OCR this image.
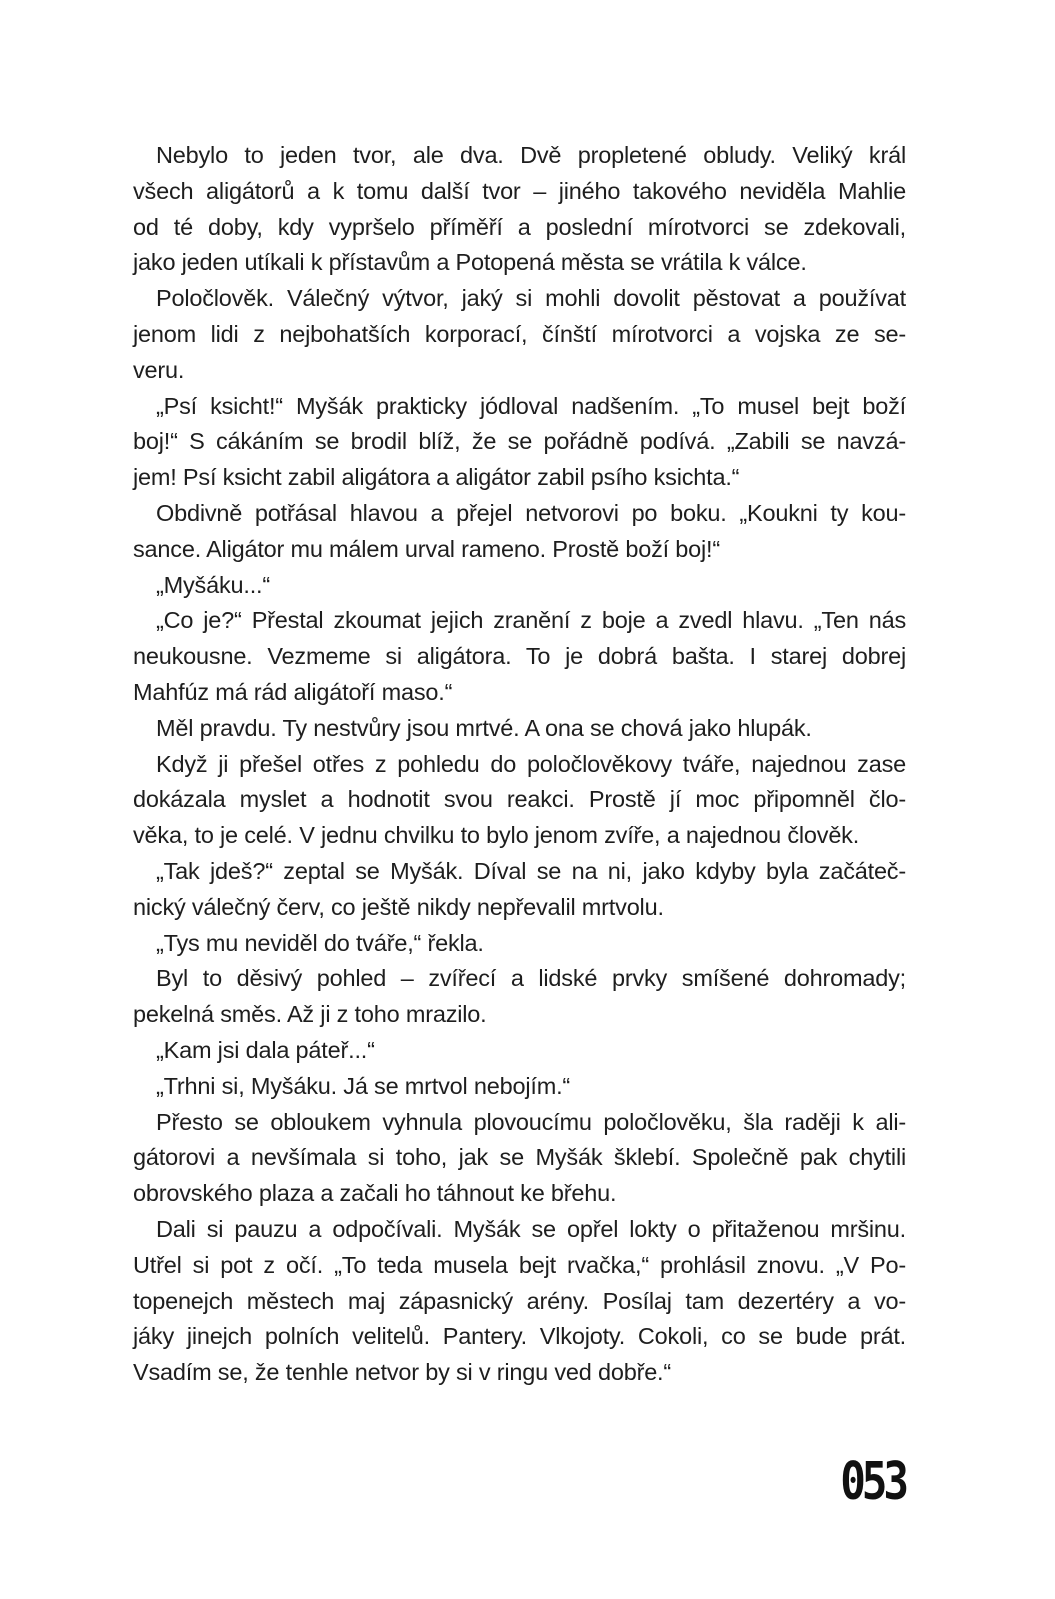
Nebylo to jeden tvor, ale dva. Dvě propletené obludy. Veliký král
všech aligátorů a k tomu další tvor – jiného takového neviděla Mahlie
od té doby, kdy vypršelo příměří a poslední mírotvorci se zdekovali,
jako jeden utíkali k přístavům a Potopená města se vrátila k válce.
Poločlověk. Válečný výtvor, jaký si mohli dovolit pěstovat a používat
jenom lidi z nejbohatších korporací, čínští mírotvorci a vojska ze se-
veru.
„Psí ksicht!“ Myšák prakticky jódloval nadšením. „To musel bejt boží
boj!“ S cákáním se brodil blíž, že se pořádně podívá. „Zabili se navzá-
jem! Psí ksicht zabil aligátora a aligátor zabil psího ksichta.“
Obdivně potřásal hlavou a přejel netvorovi po boku. „Koukni ty kou-
sance. Aligátor mu málem urval rameno. Prostě boží boj!“
„Myšáku...“
„Co je?“ Přestal zkoumat jejich zranění z boje a zvedl hlavu. „Ten nás
neukousne. Vezmeme si aligátora. To je dobrá bašta. I starej dobrej
Mahfúz má rád aligátoří maso.“
Měl pravdu. Ty nestvůry jsou mrtvé. A ona se chová jako hlupák.
Když ji přešel otřes z pohledu do poločlověkovy tváře, najednou zase
dokázala myslet a hodnotit svou reakci. Prostě jí moc připomněl člo-
věka, to je celé. V jednu chvilku to bylo jenom zvíře, a najednou člověk.
„Tak jdeš?“ zeptal se Myšák. Díval se na ni, jako kdyby byla začáteč-
nický válečný červ, co ještě nikdy nepřevalil mrtvolu.
„Tys mu neviděl do tváře,“ řekla.
Byl to děsivý pohled – zvířecí a lidské prvky smíšené dohromady;
pekelná směs. Až ji z toho mrazilo.
„Kam jsi dala páteř...“
„Trhni si, Myšáku. Já se mrtvol nebojím.“
Přesto se obloukem vyhnula plovoucímu poločlověku, šla raději k ali-
gátorovi a nevšímala si toho, jak se Myšák šklebí. Společně pak chytili
obrovského plaza a začali ho táhnout ke břehu.
Dali si pauzu a odpočívali. Myšák se opřel lokty o přitaženou mršinu.
Utřel si pot z očí. „To teda musela bejt rvačka,“ prohlásil znovu. „V Po-
topenejch městech maj zápasnický arény. Posílaj tam dezertéry a vo-
jáky jinejch polních velitelů. Pantery. Vlkojoty. Cokoli, co se bude prát.
Vsadím se, že tenhle netvor by si v ringu ved dobře.“
053
